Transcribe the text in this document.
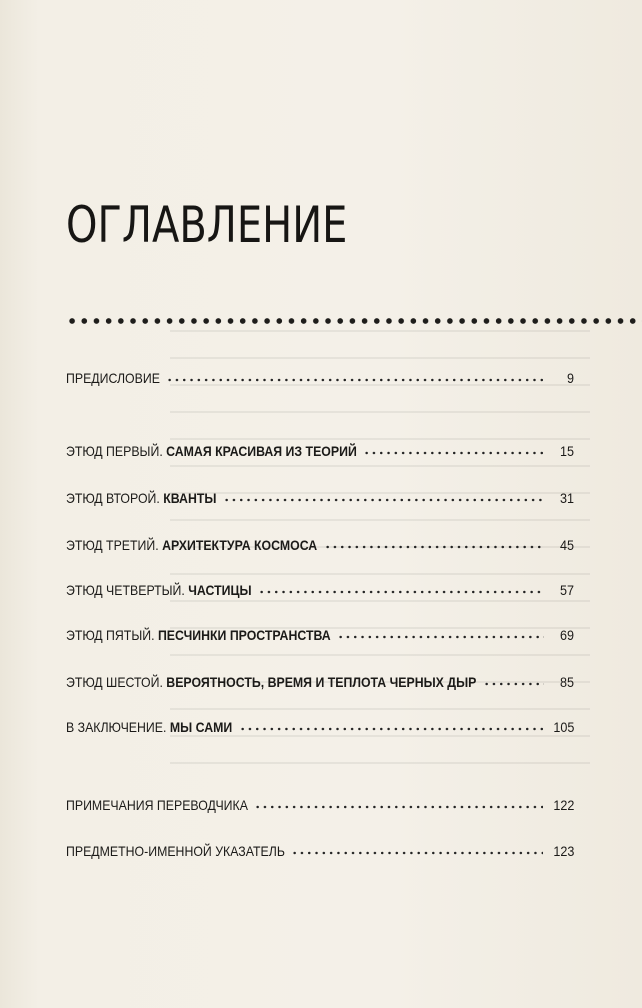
ОГЛАВЛЕНИЕ
ПРЕДИСЛОВИЕ	9
ЭТЮД ПЕРВЫЙ. САМАЯ КРАСИВАЯ ИЗ ТЕОРИЙ	15
ЭТЮД ВТОРОЙ. КВАНТЫ	31
ЭТЮД ТРЕТИЙ. АРХИТЕКТУРА КОСМОСА	45
ЭТЮД ЧЕТВЕРТЫЙ. ЧАСТИЦЫ	57
ЭТЮД ПЯТЫЙ. ПЕСЧИНКИ ПРОСТРАНСТВА	69
ЭТЮД ШЕСТОЙ. ВЕРОЯТНОСТЬ, ВРЕМЯ И ТЕПЛОТА ЧЕРНЫХ ДЫР	85
В ЗАКЛЮЧЕНИЕ. МЫ САМИ	105
ПРИМЕЧАНИЯ ПЕРЕВОДЧИКА	122
ПРЕДМЕТНО-ИМЕННОЙ УКАЗАТЕЛЬ	123
